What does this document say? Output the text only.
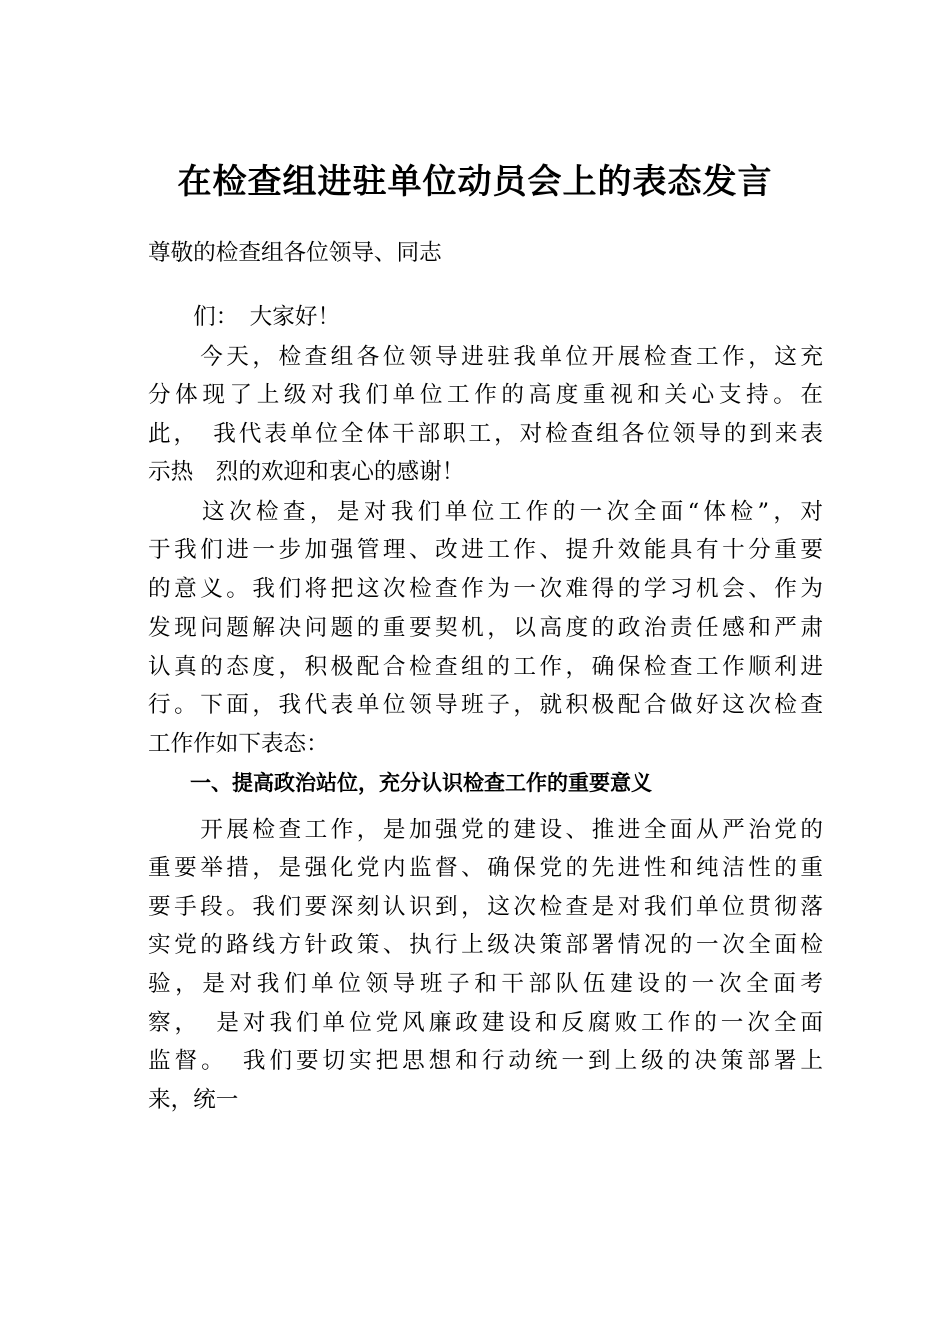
在检查组进驻单位动员会上的表态发言
尊敬的检查组各位领导、同志
　　们：　大家好！
　　今天，检查组各位领导进驻我单位开展检查工作，这充
分体现了上级对我们单位工作的高度重视和关心支持。在
此，　我代表单位全体干部职工，对检查组各位领导的到来表
示热　烈的欢迎和衷心的感谢！
　　这次检查，是对我们单位工作的一次全面“体检”，对
于我们进一步加强管理、改进工作、提升效能具有十分重要
的意义。我们将把这次检查作为一次难得的学习机会、作为
发现问题解决问题的重要契机，以高度的政治责任感和严肃
认真的态度，积极配合检查组的工作，确保检查工作顺利进
行。下面，我代表单位领导班子，就积极配合做好这次检查
工作作如下表态：
　　一、提高政治站位，充分认识检查工作的重要意义
　　开展检查工作，是加强党的建设、推进全面从严治党的
重要举措，是强化党内监督、确保党的先进性和纯洁性的重
要手段。我们要深刻认识到，这次检查是对我们单位贯彻落
实党的路线方针政策、执行上级决策部署情况的一次全面检
验，是对我们单位领导班子和干部队伍建设的一次全面考
察，　是对我们单位党风廉政建设和反腐败工作的一次全面
监督。　我们要切实把思想和行动统一到上级的决策部署上
来，统一
